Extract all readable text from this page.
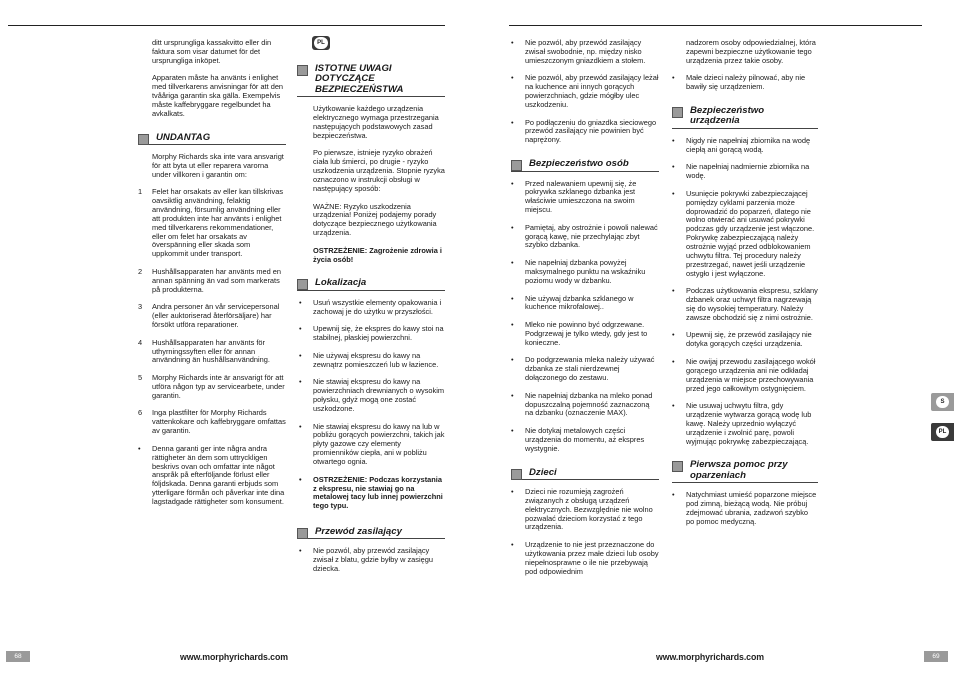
ditt ursprungliga kassakvitto eller din faktura som visar datumet för det ursprungliga inköpet.

Apparaten måste ha använts i enlighet med tillverkarens anvisningar för att den tvååriga garantin ska gälla. Exempelvis måste kaffebryggare regelbundet ha avkalkats.

UNDANTAG

Morphy Richards ska inte vara ansvarigt för att byta ut eller reparera varorna under villkoren i garantin om:

1 Felet har orsakats av eller kan tillskrivas oavsiktlig användning, felaktig användning, försumlig användning eller att produkten inte har använts i enlighet med tillverkarens rekommendationer, eller om felet har orsakats av överspänning eller skada som uppkommit under transport.
2 Hushållsapparaten har använts med en annan spänning än vad som markerats på produkterna.
3 Andra personer än vår servicepersonal (eller auktoriserad återförsäljare) har försökt utföra reparationer.
4 Hushållsapparaten har använts för uthyrningssyften eller för annan användning än hushållsanvändning.
5 Morphy Richards inte är ansvarigt för att utföra någon typ av servicearbete, under garantin.
6 Inga plastfilter för Morphy Richards vattenkokare och kaffebryggare omfattas av garantin.
• Denna garanti ger inte några andra rättigheter än dem som uttryckligen beskrivs ovan och omfattar inte något anspråk på efterföljande förlust eller följdskada. Denna garanti erbjuds som ytterligare förmån och påverkar inte dina lagstadgade rättigheter som konsument.
PL
ISTOTNE UWAGI
DOTYCZĄCE
BEZPIECZEŃSTWA

Użytkowanie każdego urządzenia elektrycznego wymaga przestrzegania następujących podstawowych zasad bezpieczeństwa.

Po pierwsze, istnieje ryzyko obrażeń ciała lub śmierci, po drugie - ryzyko uszkodzenia urządzenia. Stopnie ryzyka oznaczono w instrukcji obsługi w następujący sposób:

WAŻNE: Ryzyko uszkodzenia urządzenia! Poniżej podajemy porady dotyczące bezpiecznego użytkowania urządzenia.

OSTRZEŻENIE: Zagrożenie zdrowia i życia osób!

Lokalizacja
• Usuń wszystkie elementy opakowania i zachowaj je do użytku w przyszłości.
• Upewnij się, że ekspres do kawy stoi na stabilnej, płaskiej powierzchni.
• Nie używaj ekspresu do kawy na zewnątrz pomieszczeń lub w łazience.
• Nie stawiaj ekspresu do kawy na powierzchniach drewnianych o wysokim połysku, gdyż mogą one zostać uszkodzone.
• Nie stawiaj ekspresu do kawy na lub w pobliżu gorących powierzchni, takich jak płyty gazowe czy elementy promienników ciepła, ani w pobliżu otwartego ognia.
• OSTRZEŻENIE: Podczas korzystania z ekspresu, nie stawiaj go na metalowej tacy lub innej powierzchni tego typu.
Przewód zasilający
• Nie pozwól, aby przewód zasilający zwisał z blatu, gdzie byłby w zasięgu dziecka.
• Nie pozwól, aby przewód zasilający zwisał swobodnie, np. między nisko umieszczonym gniazdkiem a stołem.
• Nie pozwól, aby przewód zasilający leżał na kuchence ani innych gorących powierzchniach, gdzie mógłby ulec uszkodzeniu.
• Po podłączeniu do gniazdka sieciowego przewód zasilający nie powinien być naprężony.
Bezpieczeństwo osób
• Przed nalewaniem upewnij się, że pokrywka szklanego dzbanka jest właściwie umieszczona na swoim miejscu.
• Pamiętaj, aby ostrożnie i powoli nalewać gorącą kawę, nie przechylając zbyt szybko dzbanka.
• Nie napełniaj dzbanka powyżej maksymalnego punktu na wskaźniku poziomu wody w dzbanku.
• Nie używaj dzbanka szklanego w kuchence mikrofalowej..
• Mleko nie powinno być odgrzewane. Podgrzewaj je tylko wtedy, gdy jest to konieczne.
• Do podgrzewania mleka należy używać dzbanka ze stali nierdzewnej dołączonego do zestawu.
• Nie napełniaj dzbanka na mleko ponad dopuszczalną pojemność zaznaczoną na dzbanku (oznaczenie MAX).
• Nie dotykaj metalowych części urządzenia do momentu, aż ekspres wystygnie.
Dzieci
• Dzieci nie rozumieją zagrożeń związanych z obsługą urządzeń elektrycznych. Bezwzględnie nie wolno pozwalać dzieciom korzystać z tego urządzenia.
• Urządzenie to nie jest przeznaczone do użytkowania przez małe dzieci lub osoby niepełnosprawne o ile nie przebywają pod odpowiednim

nadzorem osoby odpowiedzialnej, która zapewni bezpieczne użytkowanie tego urządzenia przez takie osoby.

• Małe dzieci należy pilnować, aby nie bawiły się urządzeniem.
Bezpieczeństwo
urządzenia
• Nigdy nie napełniaj zbiornika na wodę ciepłą ani gorącą wodą.
• Nie napełniaj nadmiernie zbiornika na wodę.
• Usunięcie pokrywki zabezpieczającej pomiędzy cyklami parzenia może doprowadzić do poparzeń, dlatego nie wolno otwierać ani usuwać pokrywki podczas gdy urządzenie jest włączone. Pokrywkę zabezpieczającą należy ostrożnie wyjąć przed odblokowaniem uchwytu filtra. Tej procedury należy przestrzegać, nawet jeśli urządzenie ostygło i jest wyłączone.
• Podczas użytkowania ekspresu, szklany dzbanek oraz uchwyt filtra nagrzewają się do wysokiej temperatury. Należy zawsze obchodzić się z nimi ostrożnie.
• Upewnij się, że przewód zasilający nie dotyka gorących części urządzenia.
• Nie owijaj przewodu zasilającego wokół gorącego urządzenia ani nie odkładaj urządzenia w miejsce przechowywania przed jego całkowitym ostygnięciem.
• Nie usuwaj uchwytu filtra, gdy urządzenie wytwarza gorącą wodę lub kawę. Należy uprzednio wyłączyć urządzenie i zwolnić parę, powoli wyjmując pokrywkę zabezpieczającą.
Pierwsza pomoc przy
oparzeniach
• Natychmiast umieść poparzone miejsce pod zimną, bieżącą wodą. Nie próbuj zdejmować ubrania, zadzwoń szybko po pomoc medyczną.
S
PL
68	www.morphyrichards.com	www.morphyrichards.com	69
